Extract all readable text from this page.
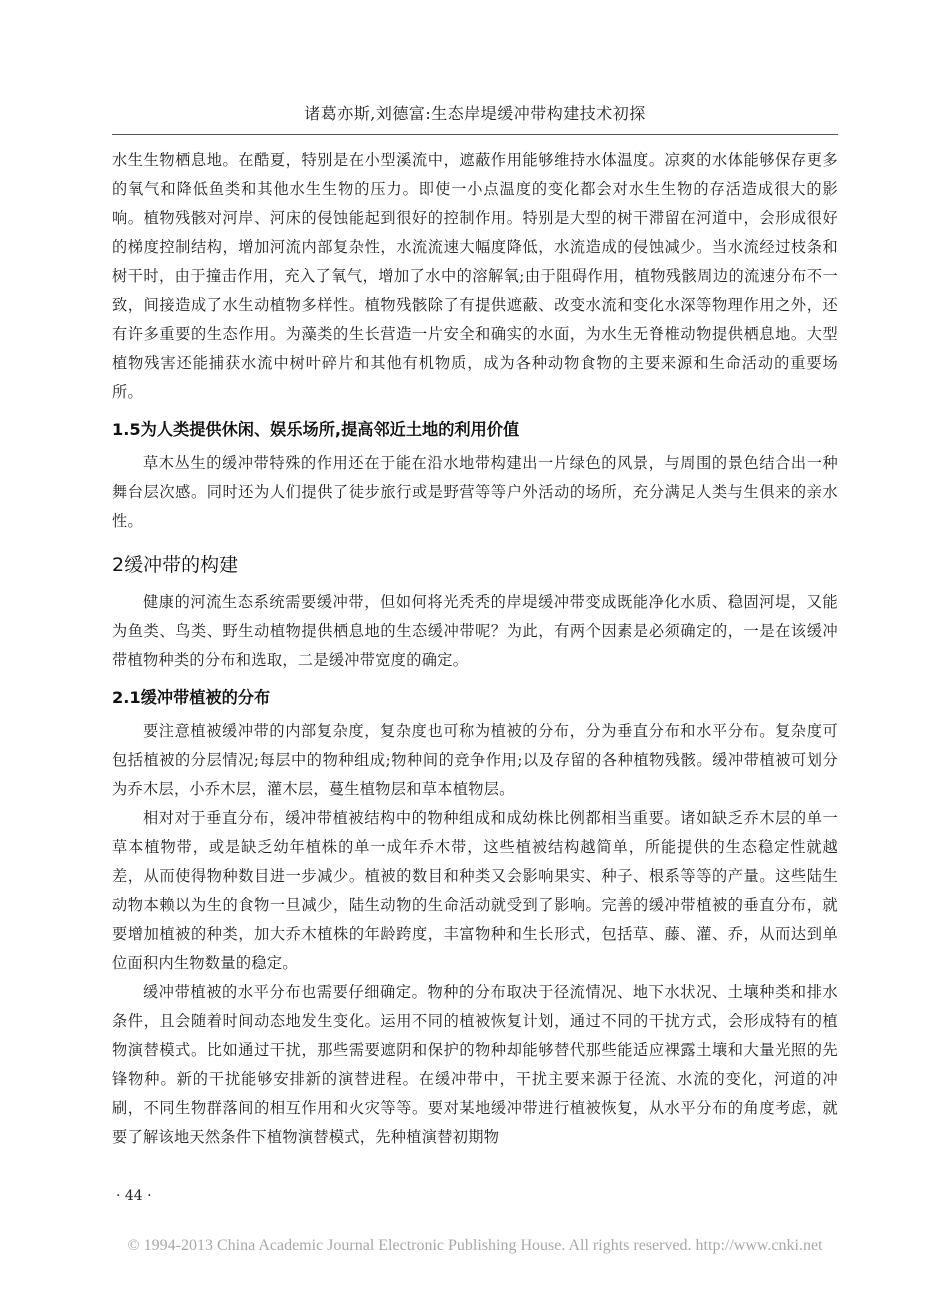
诸葛亦斯,刘德富:生态岸堤缓冲带构建技术初探

水生生物栖息地。在酷夏，特别是在小型溪流中，遮蔽作用能够维持水体温度。凉爽的水体能够保存更多的氧气和降低鱼类和其他水生生物的压力。即使一小点温度的变化都会对水生生物的存活造成很大的影响。植物残骸对河岸、河床的侵蚀能起到很好的控制作用。特别是大型的树干滞留在河道中，会形成很好的梯度控制结构，增加河流内部复杂性，水流流速大幅度降低，水流造成的侵蚀减少。当水流经过枝条和树干时，由于撞击作用，充入了氧气，增加了水中的溶解氧;由于阻碍作用，植物残骸周边的流速分布不一致，间接造成了水生动植物多样性。植物残骸除了有提供遮蔽、改变水流和变化水深等物理作用之外，还有许多重要的生态作用。为藻类的生长营造一片安全和确实的水面，为水生无脊椎动物提供栖息地。大型植物残害还能捕获水流中树叶碎片和其他有机物质，成为各种动物食物的主要来源和生命活动的重要场所。

1.5为人类提供休闲、娱乐场所,提高邻近土地的利用价值

草木丛生的缓冲带特殊的作用还在于能在沿水地带构建出一片绿色的风景，与周围的景色结合出一种舞台层次感。同时还为人们提供了徒步旅行或是野营等等户外活动的场所，充分满足人类与生俱来的亲水性。

2缓冲带的构建

健康的河流生态系统需要缓冲带，但如何将光秃秃的岸堤缓冲带变成既能净化水质、稳固河堤，又能为鱼类、鸟类、野生动植物提供栖息地的生态缓冲带呢？为此，有两个因素是必须确定的，一是在该缓冲带植物种类的分布和选取，二是缓冲带宽度的确定。

2.1缓冲带植被的分布

要注意植被缓冲带的内部复杂度，复杂度也可称为植被的分布，分为垂直分布和水平分布。复杂度可包括植被的分层情况;每层中的物种组成;物种间的竞争作用;以及存留的各种植物残骸。缓冲带植被可划分为乔木层，小乔木层，灌木层，蔓生植物层和草本植物层。

相对对于垂直分布，缓冲带植被结构中的物种组成和成幼株比例都相当重要。诸如缺乏乔木层的单一草本植物带，或是缺乏幼年植株的单一成年乔木带，这些植被结构越简单，所能提供的生态稳定性就越差，从而使得物种数目进一步减少。植被的数目和种类又会影响果实、种子、根系等等的产量。这些陆生动物本赖以为生的食物一旦减少，陆生动物的生命活动就受到了影响。完善的缓冲带植被的垂直分布，就要增加植被的种类，加大乔木植株的年龄跨度，丰富物种和生长形式，包括草、藤、灌、乔，从而达到单位面积内生物数量的稳定。

缓冲带植被的水平分布也需要仔细确定。物种的分布取决于径流情况、地下水状况、土壤种类和排水条件，且会随着时间动态地发生变化。运用不同的植被恢复计划，通过不同的干扰方式，会形成特有的植物演替模式。比如通过干扰，那些需要遮阴和保护的物种却能够替代那些能适应裸露土壤和大量光照的先锋物种。新的干扰能够安排新的演替进程。在缓冲带中，干扰主要来源于径流、水流的变化，河道的冲刷，不同生物群落间的相互作用和火灾等等。要对某地缓冲带进行植被恢复，从水平分布的角度考虑，就要了解该地天然条件下植物演替模式，先种植演替初期物

· 44 ·
© 1994-2013 China Academic Journal Electronic Publishing House. All rights reserved. http://www.cnki.net
